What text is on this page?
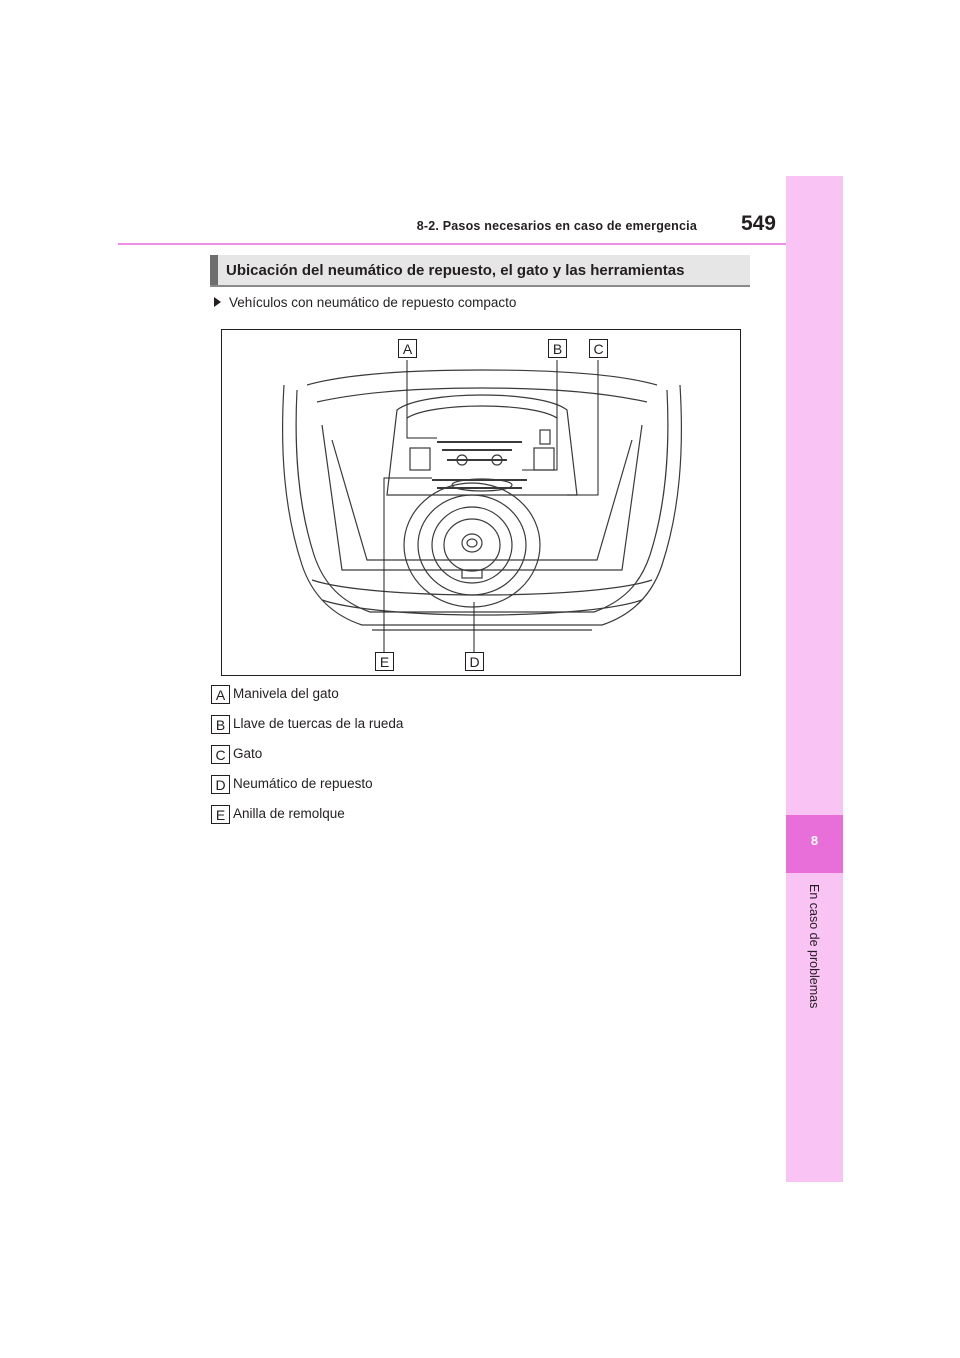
8
En caso de problemas
8-2. Pasos necesarios en caso de emergencia	549
Ubicación del neumático de repuesto, el gato y las herramientas
Vehículos con neumático de repuesto compacto
A	B	C
D
E
A Manivela del gato
B Llave de tuercas de la rueda
C Gato
D Neumático de repuesto
E Anilla de remolque
